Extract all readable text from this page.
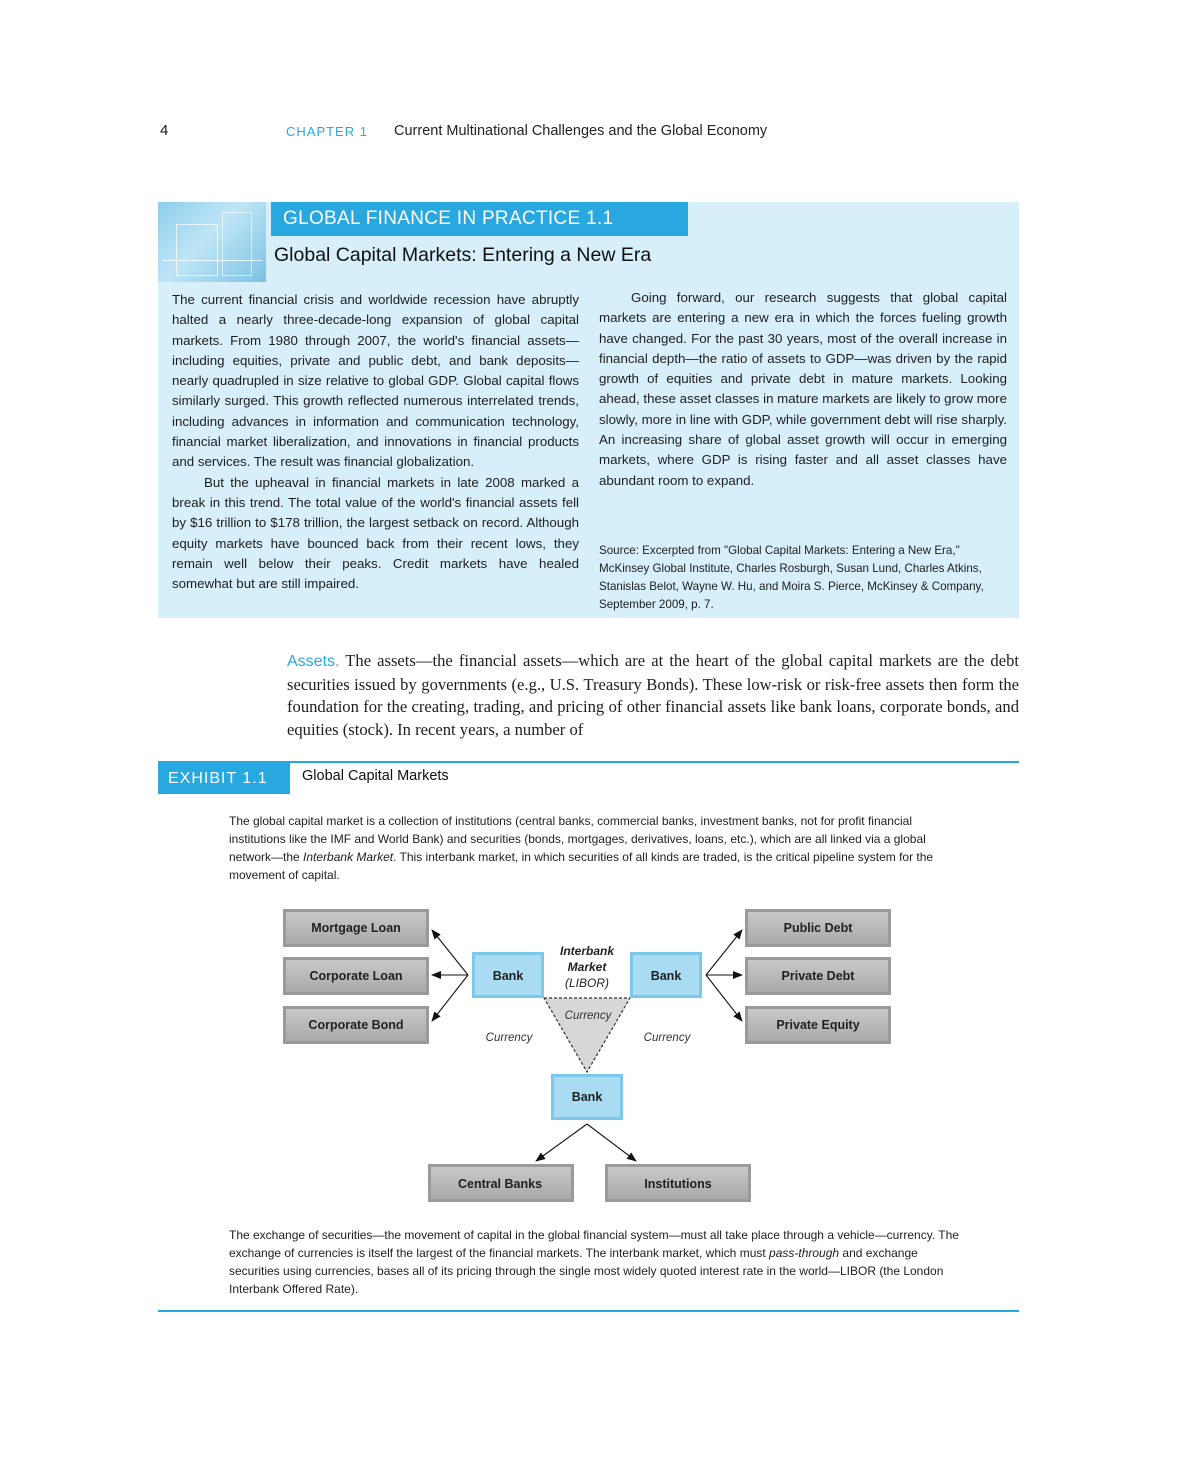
4	CHAPTER 1 Current Multinational Challenges and the Global Economy
GLOBAL FINANCE IN PRACTICE 1.1
Global Capital Markets: Entering a New Era

The current financial crisis and worldwide recession have abruptly halted a nearly three-decade-long expansion of global capital markets. From 1980 through 2007, the world's financial assets—including equities, private and public debt, and bank deposits—nearly quadrupled in size relative to global GDP. Global capital flows similarly surged. This growth reflected numerous interrelated trends, including advances in information and communication technology, financial market liberalization, and innovations in financial products and services. The result was financial globalization.

But the upheaval in financial markets in late 2008 marked a break in this trend. The total value of the world's financial assets fell by $16 trillion to $178 trillion, the largest setback on record. Although equity markets have bounced back from their recent lows, they remain well below their peaks. Credit markets have healed somewhat but are still impaired.

Going forward, our research suggests that global capital markets are entering a new era in which the forces fueling growth have changed. For the past 30 years, most of the overall increase in financial depth—the ratio of assets to GDP—was driven by the rapid growth of equities and private debt in mature markets. Looking ahead, these asset classes in mature markets are likely to grow more slowly, more in line with GDP, while government debt will rise sharply. An increasing share of global asset growth will occur in emerging markets, where GDP is rising faster and all asset classes have abundant room to expand.

Source: Excerpted from "Global Capital Markets: Entering a New Era," McKinsey Global Institute, Charles Rosburgh, Susan Lund, Charles Atkins, Stanislas Belot, Wayne W. Hu, and Moira S. Pierce, McKinsey & Company, September 2009, p. 7.
Assets. The assets—the financial assets—which are at the heart of the global capital markets are the debt securities issued by governments (e.g., U.S. Treasury Bonds). These low-risk or risk-free assets then form the foundation for the creating, trading, and pricing of other financial assets like bank loans, corporate bonds, and equities (stock). In recent years, a number of
EXHIBIT 1.1	Global Capital Markets
The global capital market is a collection of institutions (central banks, commercial banks, investment banks, not for profit financial institutions like the IMF and World Bank) and securities (bonds, mortgages, derivatives, loans, etc.), which are all linked via a global network—the Interbank Market. This interbank market, in which securities of all kinds are traded, is the critical pipeline system for the movement of capital.
Mortgage Loan
Corporate Loan
Corporate Bond
Public Debt
Private Debt
Private Equity
Central Banks	Institutions
Bank	Bank
Bank
Interbank
Market
(LIBOR)
Currency
Currency	Currency
The exchange of securities—the movement of capital in the global financial system—must all take place through a vehicle—currency. The exchange of currencies is itself the largest of the financial markets. The interbank market, which must pass-through and exchange securities using currencies, bases all of its pricing through the single most widely quoted interest rate in the world—LIBOR (the London Interbank Offered Rate).
